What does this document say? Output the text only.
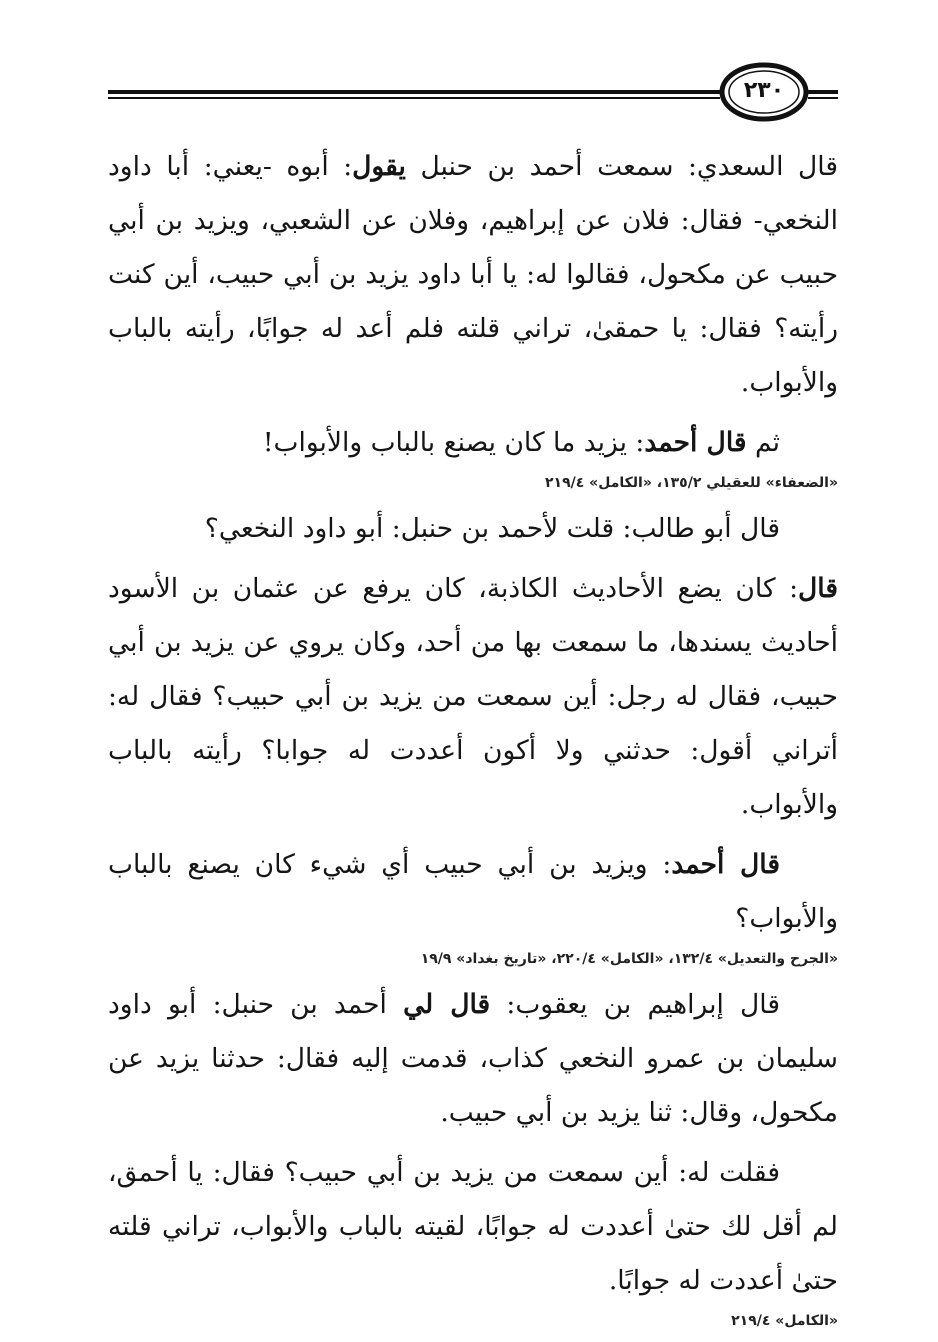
٢٣٠

قال السعدي: سمعت أحمد بن حنبل يقول: أبوه -يعني: أبا داود النخعي- فقال: فلان عن إبراهيم، وفلان عن الشعبي، ويزيد بن أبي حبيب عن مكحول، فقالوا له: يا أبا داود يزيد بن أبي حبيب، أين كنت رأيته؟ فقال: يا حمقىٰ، تراني قلته فلم أعد له جوابًا، رأيته بالباب والأبواب.

ثم قال أحمد: يزيد ما كان يصنع بالباب والأبواب!

«الضعفاء» للعقيلي ١٣٥/٢، «الكامل» ٢١٩/٤

قال أبو طالب: قلت لأحمد بن حنبل: أبو داود النخعي؟

قال: كان يضع الأحاديث الكاذبة، كان يرفع عن عثمان بن الأسود أحاديث يسندها، ما سمعت بها من أحد، وكان يروي عن يزيد بن أبي حبيب، فقال له رجل: أين سمعت من يزيد بن أبي حبيب؟ فقال له: أتراني أقول: حدثني ولا أكون أعددت له جوابا؟ رأيته بالباب والأبواب.

قال أحمد: ويزيد بن أبي حبيب أي شيء كان يصنع بالباب والأبواب؟

«الجرح والتعديل» ١٣٢/٤، «الكامل» ٢٢٠/٤، «تاريخ بغداد» ١٩/٩

قال إبراهيم بن يعقوب: قال لي أحمد بن حنبل: أبو داود سليمان بن عمرو النخعي كذاب، قدمت إليه فقال: حدثنا يزيد عن مكحول، وقال: ثنا يزيد بن أبي حبيب.

فقلت له: أين سمعت من يزيد بن أبي حبيب؟ فقال: يا أحمق، لم أقل لك حتىٰ أعددت له جوابًا، لقيته بالباب والأبواب، تراني قلته حتىٰ أعددت له جوابًا.

«الكامل» ٢١٩/٤
